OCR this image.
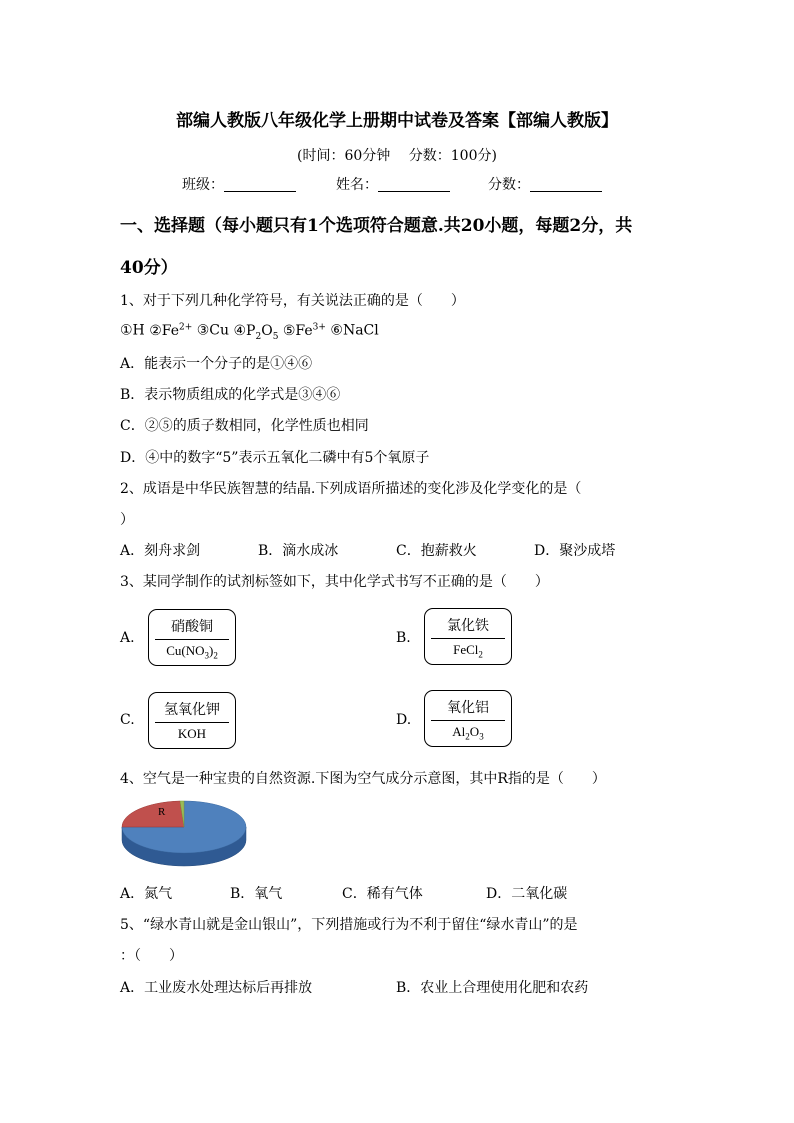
部编人教版八年级化学上册期中试卷及答案【部编人教版】
(时间：60分钟　 分数：100分)
班级：	姓名：	分数：
一、选择题（每小题只有1个选项符合题意.共20小题，每题2分，共
40分）
1、对于下列几种化学符号，有关说法正确的是（　　）
①H $②Fe^{2+}$ ③Cu $④P_2O_5$ $⑤Fe^{3+}$ ⑥NaCl
A．能表示一个分子的是①④⑥
B．表示物质组成的化学式是③④⑥
C．②⑤的质子数相同，化学性质也相同
D．④中的数字“5”表示五氧化二磷中有5个氧原子
2、成语是中华民族智慧的结晶.下列成语所描述的变化涉及化学变化的是（
）
A．刻舟求剑	B．滴水成冰	C．抱薪救火	D．聚沙成塔
3、某同学制作的试剂标签如下，其中化学式书写不正确的是（　　）
A.
硝酸铜
$Cu(NO_3)_2$
B.
氯化铁
FeCl$_2$
C.
氢氧化钾
KOH
D.
氧化铝
$Al_2O_3$
4、空气是一种宝贵的自然资源.下图为空气成分示意图，其中R指的是（　　）
R
A．氮气	B．氧气	C．稀有气体	D．二氧化碳
5、“绿水青山就是金山银山”，下列措施或行为不利于留住“绿水青山”的是
：（　　）
A．工业废水处理达标后再排放	B．农业上合理使用化肥和农药
